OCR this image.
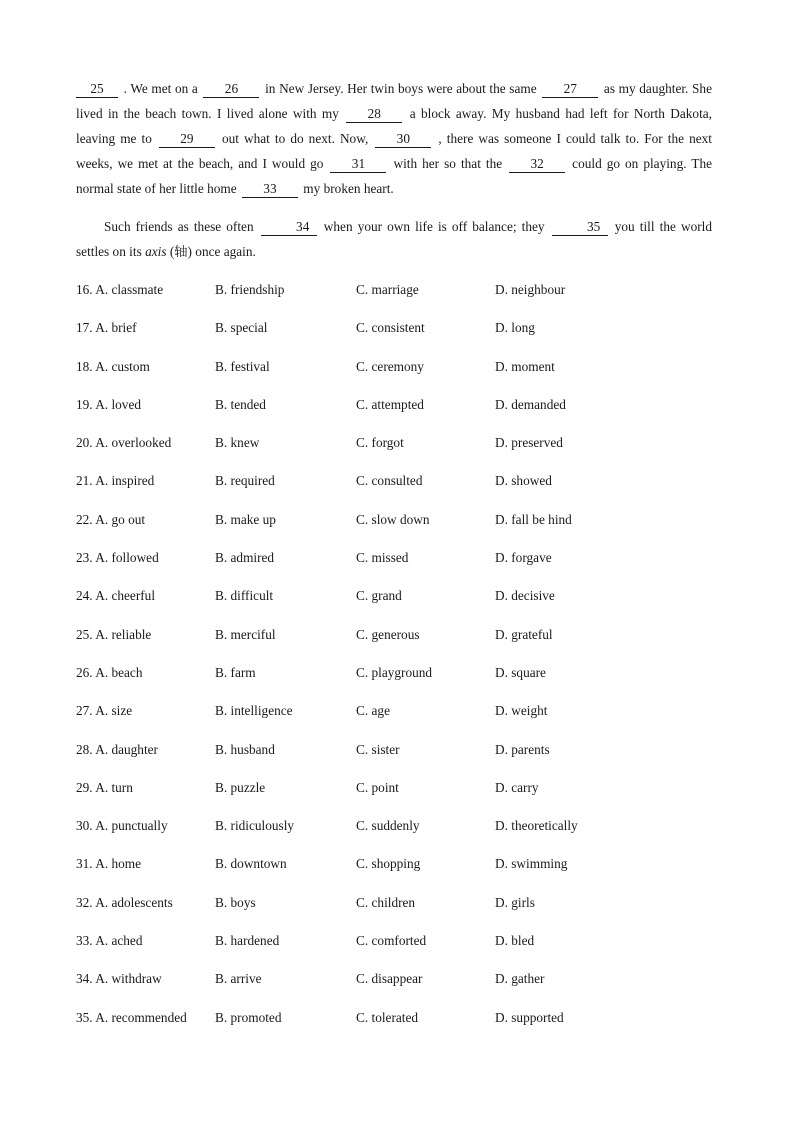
25 . We met on a 26 in New Jersey. Her twin boys were about the same 27 as my daughter. She lived in the beach town. I lived alone with my 28 a block away. My husband had left for North Dakota, leaving me to 29 out what to do next. Now, 30 , there was someone I could talk to. For the next weeks, we met at the beach, and I would go 31 with her so that the 32 could go on playing. The normal state of her little home 33 my broken heart.

Such friends as these often	34 when your own life is off balance; they	35 you till the world settles on its axis (轴) once again.

16. A. classmate	B. friendship	C. marriage	D. neighbour
17. A. brief	B. special	C. consistent	D. long
18. A. custom	B. festival	C. ceremony	D. moment
19. A. loved	B. tended	C. attempted	D. demanded
20. A. overlooked	B. knew	C. forgot	D. preserved
21. A. inspired	B. required	C. consulted	D. showed
22. A. go out	B. make up	C. slow down	D. fall be hind
23. A. followed	B. admired	C. missed	D. forgave
24. A. cheerful	B. difficult	C. grand	D. decisive
25. A. reliable	B. merciful	C. generous	D. grateful
26. A. beach	B. farm	C. playground	D. square
27. A. size	B. intelligence	C. age	D. weight
28. A. daughter	B. husband	C. sister	D. parents
29. A. turn	B. puzzle	C. point	D. carry
30. A. punctually	B. ridiculously	C. suddenly	D. theoretically
31. A. home	B. downtown	C. shopping	D. swimming
32. A. adolescents	B. boys	C. children	D. girls
33. A. ached	B. hardened	C. comforted	D. bled
34. A. withdraw	B. arrive	C. disappear	D. gather
35. A. recommended B. promoted	C. tolerated	D. supported
